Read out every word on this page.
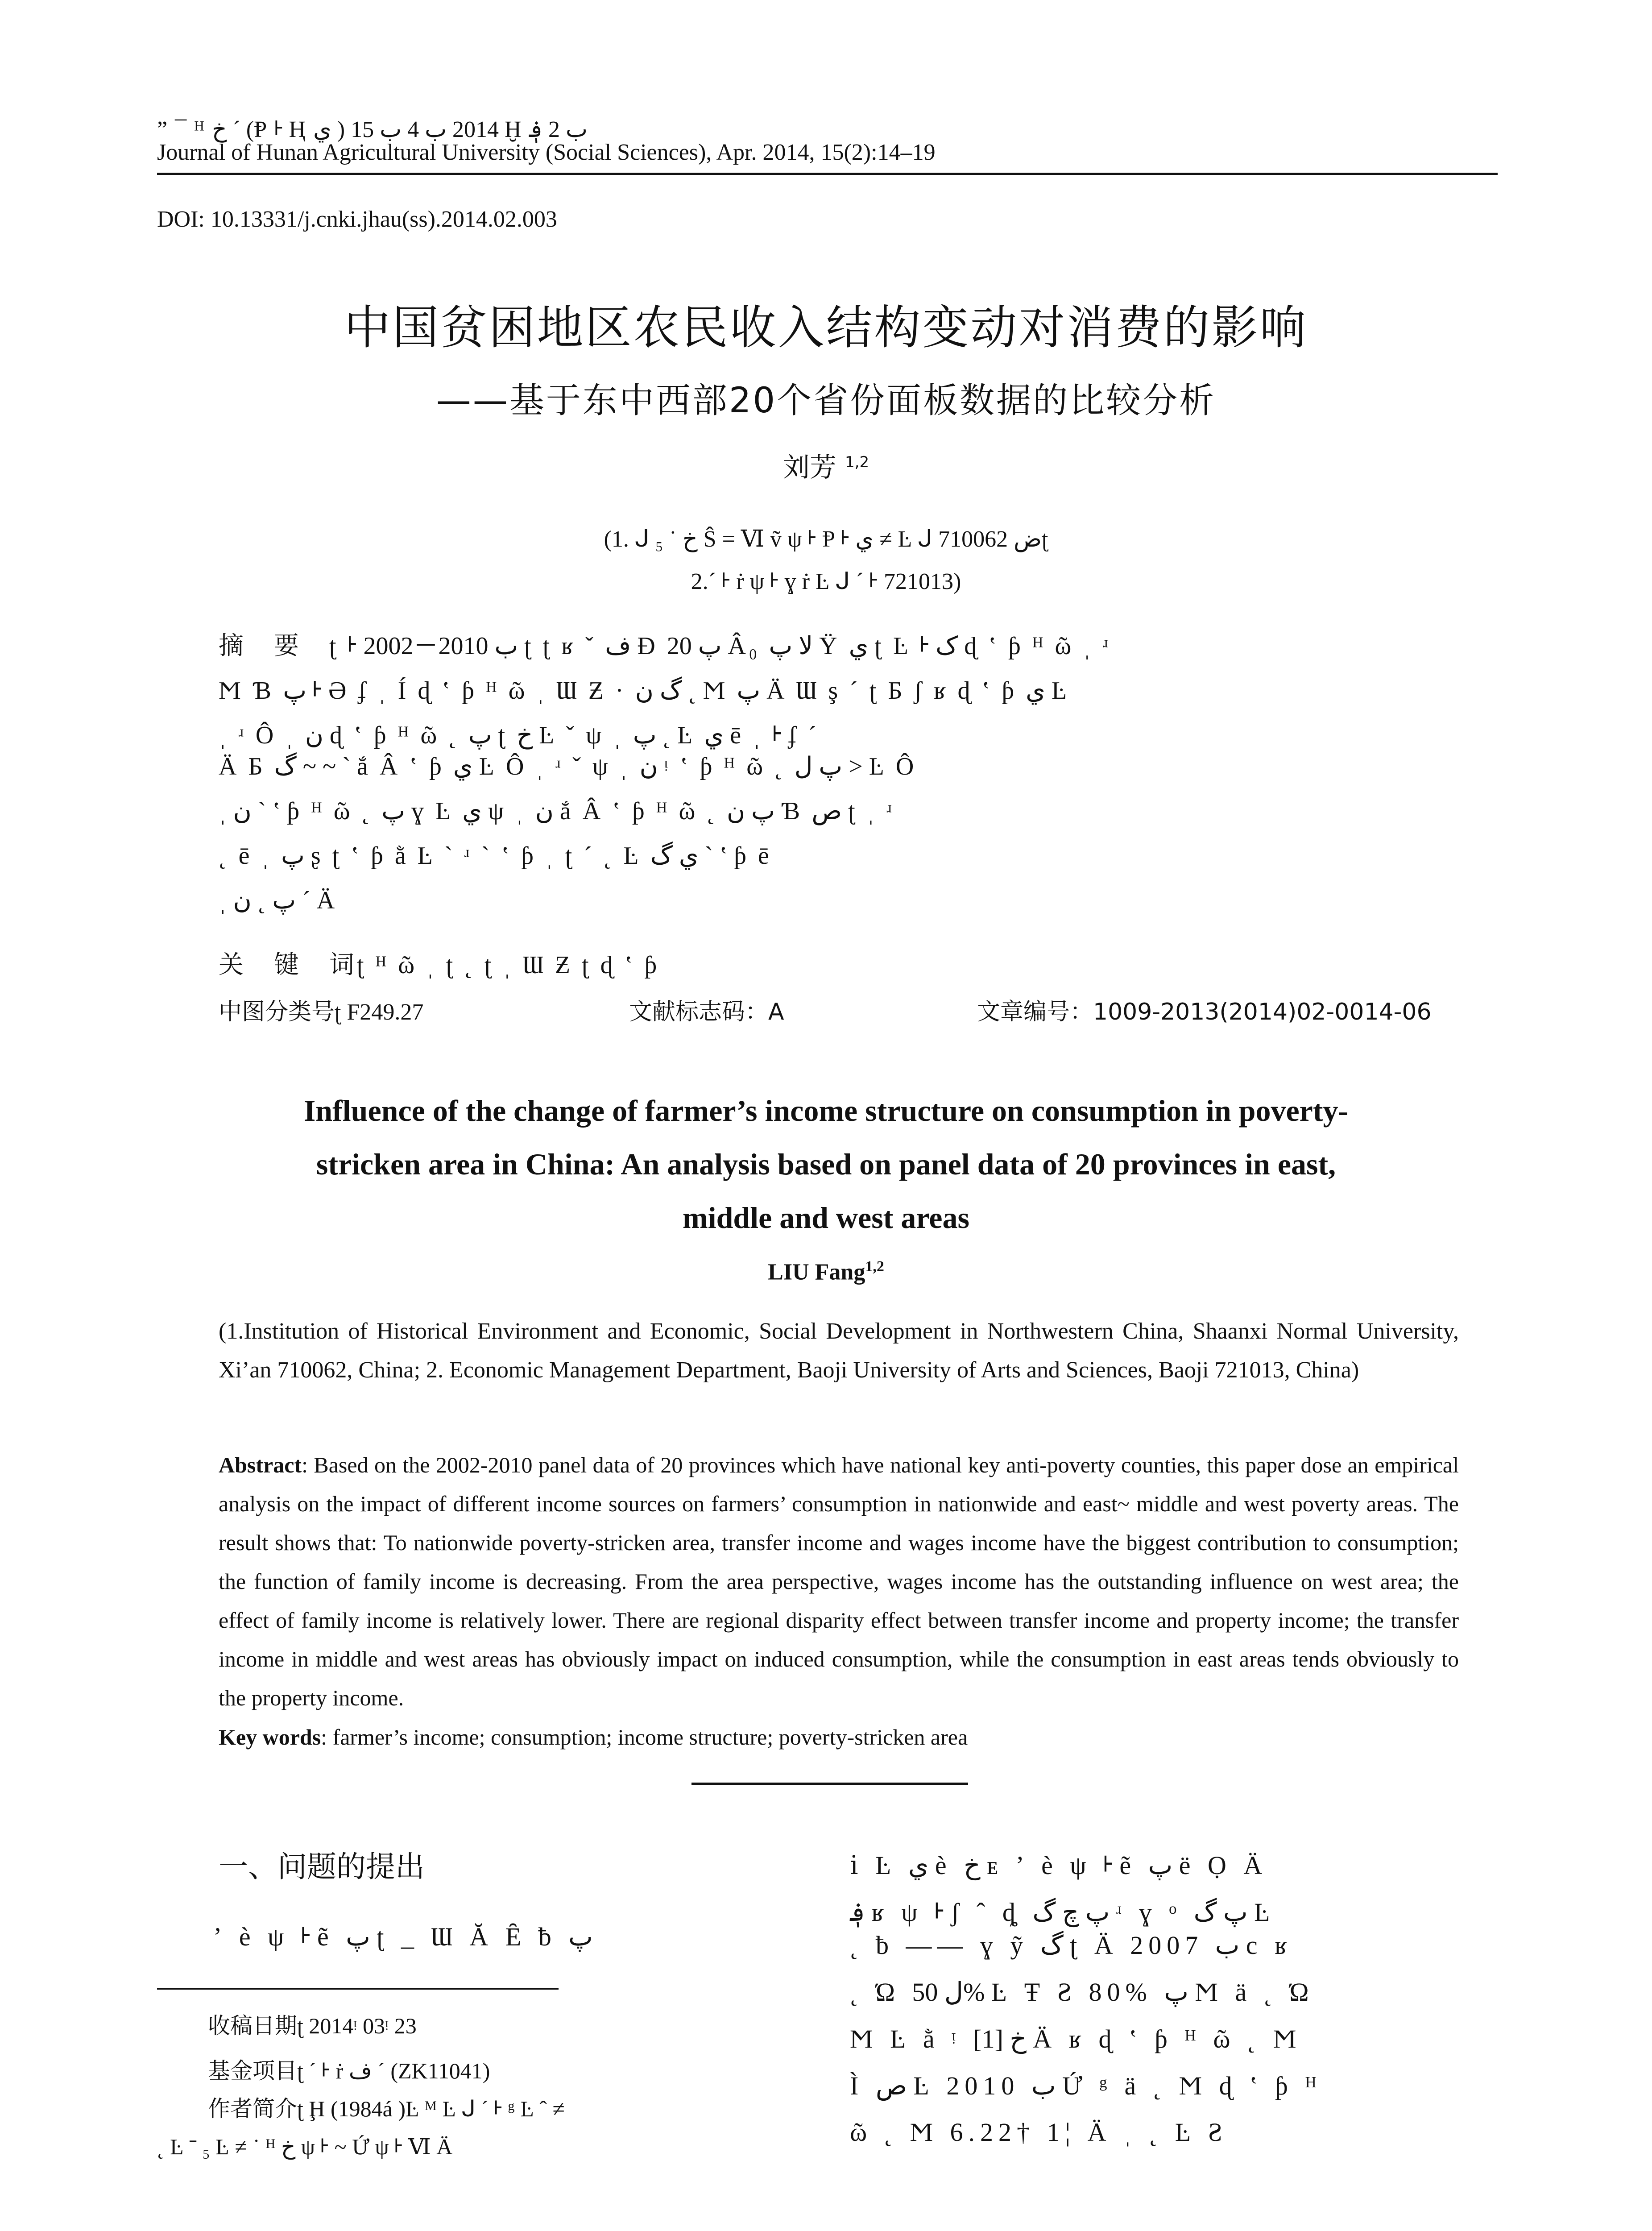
” ¯ ᴴ خ ˊ (Ᵽ ᡰ Ⱨ ي ) 2014 ب 4 ب 15 Ḫ ب 2 ؋
Journal of Hunan Agricultural University (Social Sciences), Apr. 2014, 15(2):14–19
DOI: 10.13331/j.cnki.jhau(ss).2014.02.003
中国贫困地区农民收入结构变动对消费的影响
——基于东中西部20个省份面板数据的比较分析
刘芳 $^{1,2}$
(1. ᒍ ₅ ˙ خ Ŝ = Ⅵ ṽ ψ ᡰ Ᵽ ᡰ ي ≠ Ŀ ᒍ ض 710062ʈ
2.ˊ ᡰ ṙ ψ ᡰ ɣ ṙ Ŀ ᒍ ˊ ᡰ 721013)
摘　要　 ʈ ᡰ 2002－2010 ب ʈ ʈ ʁ ˇ ف Ð پ 20 Â₀ ﻻ پ Ÿ ي ʈ Ŀ ᡰ ک ɖ ʽ ƥ ᴴ ῶ ˌ ʴ
Ϻ Ɓ پ ᡰ Ə ʄ ˌ Í ɖ ʽ ƥ ᴴ ῶ ˌ Ɯ Ƶ · گ ن ˛ Ϻ پ Ä Ɯ ş ˊ ʈ Ƃ ʃ ʁ ɖ ʽ ƥ ي Ŀ
ˌ ʴ Ô ˌ ن ɖ ʽ ƥ ᴴ ῶ ˛ پ ʈ خ Ŀ ˇ ψ ˌ پ ˛ Ŀ ي ē ˌ ᡰ ʄ ˊ
Ä Ƃ گ ~ ~ ˋ ắ Â ʽ ƥ ي Ŀ Ô ˌ ʴ ˇ ψ ˌ ن ᵎ ʽ ƥ ᴴ ῶ ˛ پ ل > Ŀ Ô
ˌ ن ˋ ʽ ƥ ᴴ ῶ ˛ پ ɣ Ŀ ي ψ ˌ ن ắ Â ʽ ƥ ᴴ ῶ ˛ پ ن Ɓ ص ʈ ˌ ʴ
˛ ē ˌ پ ʂ ʈ ʽ ƥ ằ Ŀ ˋ ʴ ˋ ʽ ƥ ˌ ʈ ˊ ˛ Ŀ ي گ ˋ ʽ ƥ ē
ˌ پ ˛ ن ˊ Ä
关　键　词ʈ ᴴ ῶ ˌ ʈ ˛ ʈ ˌ Ɯ Ƶ ʈ ɖ ʽ ƥ
中图分类号ʈ F249.27	文献标志码：A	文章编号：1009-2013(2014)02-0014-06
Influence of the change of farmer’s income structure on consumption in poverty-
stricken area in China: An analysis based on panel data of 20 provinces in east,
middle and west areas
LIU Fang$^{1,2}$
(1.Institution of Historical Environment and Economic, Social Development in Northwestern China, Shaanxi Normal University, Xi’an 710062, China; 2. Economic Management Department, Baoji University of Arts and Sciences, Baoji 721013, China)
Abstract: Based on the 2002-2010 panel data of 20 provinces which have national key anti-poverty counties, this paper dose an empirical analysis on the impact of different income sources on farmers’ consumption in nationwide and east~ middle and west poverty areas. The result shows that: To nationwide poverty-stricken area, transfer income and wages income have the biggest contribution to consumption; the function of family income is decreasing. From the area perspective, wages income has the outstanding influence on west area; the effect of family income is relatively lower. There are regional disparity effect between transfer income and property income; the transfer income in middle and west areas has obviously impact on induced consumption, while the consumption in east areas tends obviously to the property income.
Key words: farmer’s income; consumption; income structure; poverty-stricken area
一、问题的提出
ʼ è ψ ᡰ ẽ پ ʈ _ Ɯ Ă Ȇ ƀ پ
ⅰ Ŀ ي è خ ᴇ ʼ è ψ ᡰ ẽ پ ë Ọ Ä
؋ ʁ ψ ᡰ ʃ ˆ ȡ پ چ گ ʴ ɣ ᵒ پ گ Ŀ
˛ ƀ —— ɣ ỹ گ ʈ Ä 2007 ب c ʁ
˛ Ώ ل 50% Ŀ Ŧ Ƨ 80% پ Ϻ ä ˛ Ώ
Ϻ Ŀ ằ ᵎ خ [1] Ä ʁ ɖ ʽ ƥ ᴴ ῶ ˛ Ϻ
Ì ص Ŀ 2010 ب Ứ ᵍ ä ˛ Ϻ ɖ ʽ ƥ ᴴ
ῶ ˛ Ϻ 6.22† 1¦ Ä ˌ ˛ Ŀ Ƨ
收稿日期ʈ 2014ᵎ 03ᵎ 23
基金项目ʈ ˊ ᡰ ṙ ف ˊ (ZK11041)
作者简介ʈ Ḩ (1984á )Ŀ ᴹ Ŀ ᒍ ˊ ᡰ ᵍ Ŀ ˆ ≠
˛ Ŀ ˉ ₅ Ŀ ≠ ˙ ᴴ خ ψ ᡰ ~ Ứ ψ ᡰ Ⅵ Ä
